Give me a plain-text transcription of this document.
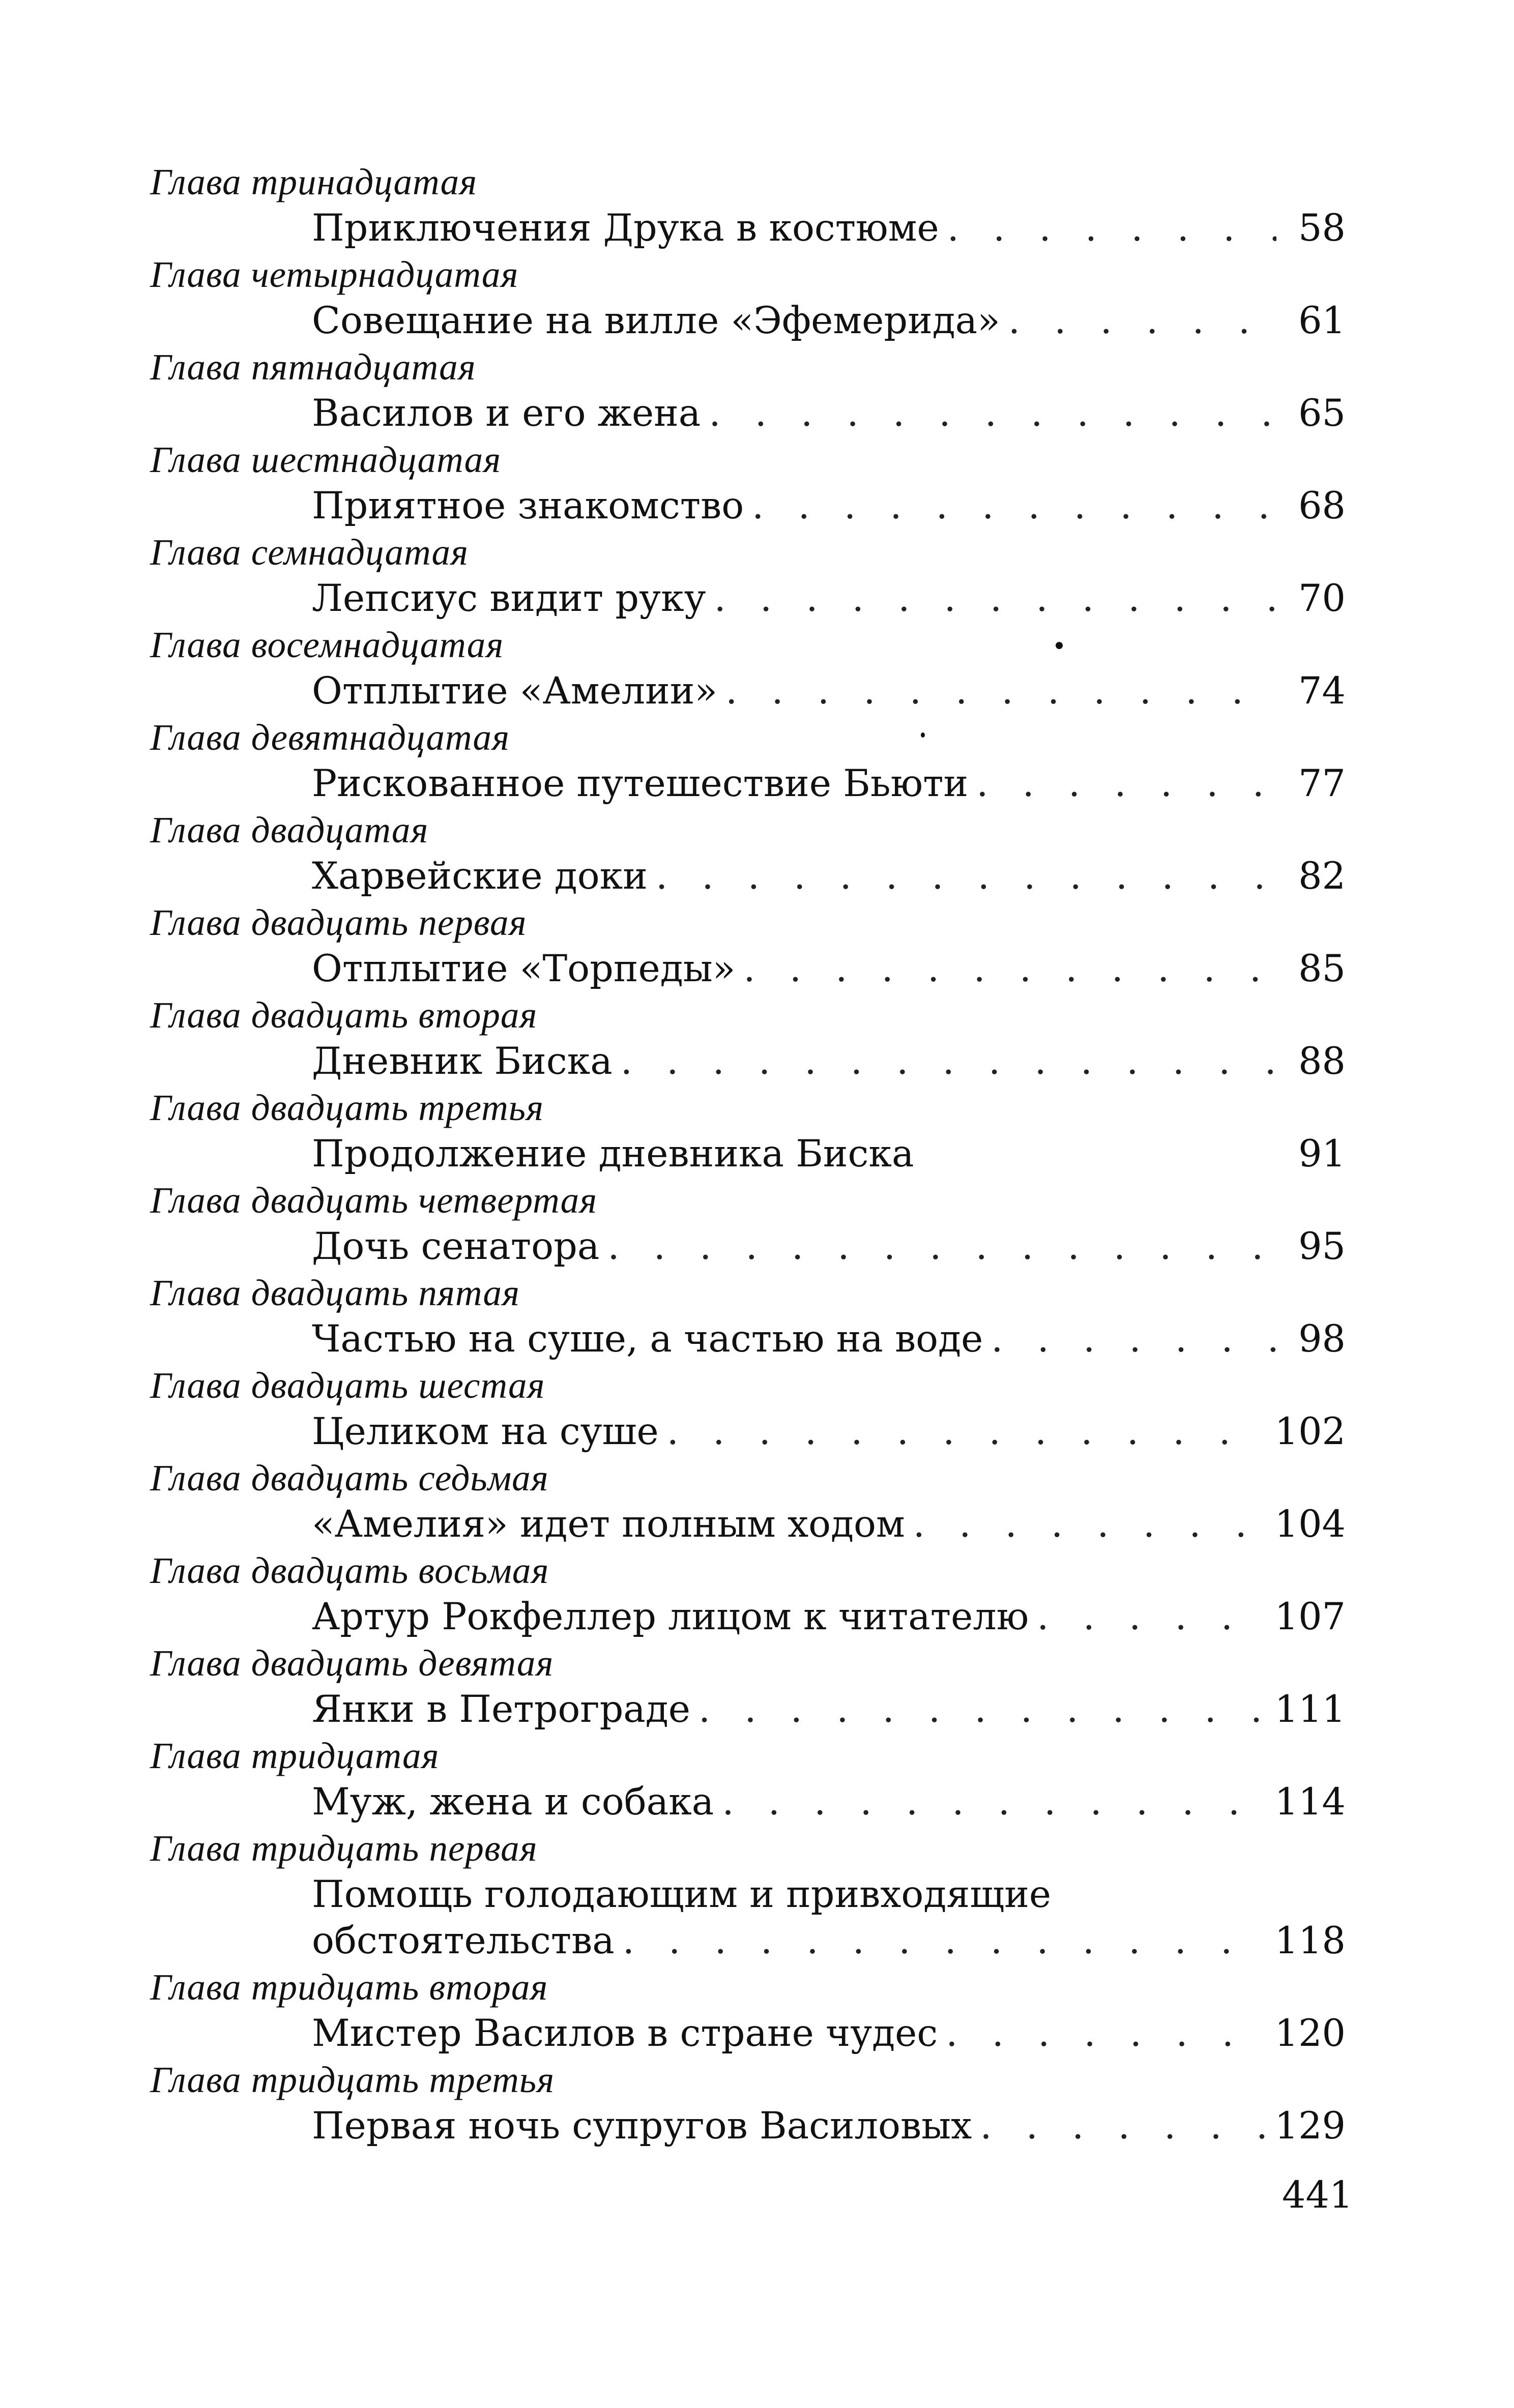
Глава тринадцатая
Приключения Друка в костюме . . .	58
Глава четырнадцатая
Совещание на вилле «Эфемерида» . . .	61
Глава пятнадцатая
Василов и его жена . . .	65
Глава шестнадцатая
Приятное знакомство . . .	68
Глава семнадцатая
Лепсиус видит руку . . .	70
Глава восемнадцатая
Отплытие «Амелии» . . .	74
Глава девятнадцатая
Рискованное путешествие Бьюти . . .	77
Глава двадцатая
Харвейские доки . . .	82
Глава двадцать первая
Отплытие «Торпеды» . . .	85
Глава двадцать вторая
Дневник Биска . . .	88
Глава двадцать третья
Продолжение дневника Биска	91
Глава двадцать четвертая
Дочь сенатора . . .	95
Глава двадцать пятая
Частью на суше, а частью на воде . . .	98
Глава двадцать шестая
Целиком на суше . . .	102
Глава двадцать седьмая
«Амелия» идет полным ходом . . .	104
Глава двадцать восьмая
Артур Рокфеллер лицом к читателю . . .	107
Глава двадцать девятая
Янки в Петрограде . . .	111
Глава тридцатая
Муж, жена и собака . . .	114
Глава тридцать первая
Помощь голодающим и привходящие
обстоятельства . . .	118
Глава тридцать вторая
Мистер Василов в стране чудес . . .	120
Глава тридцать третья
Первая ночь супругов Василовых . . .	129
441
